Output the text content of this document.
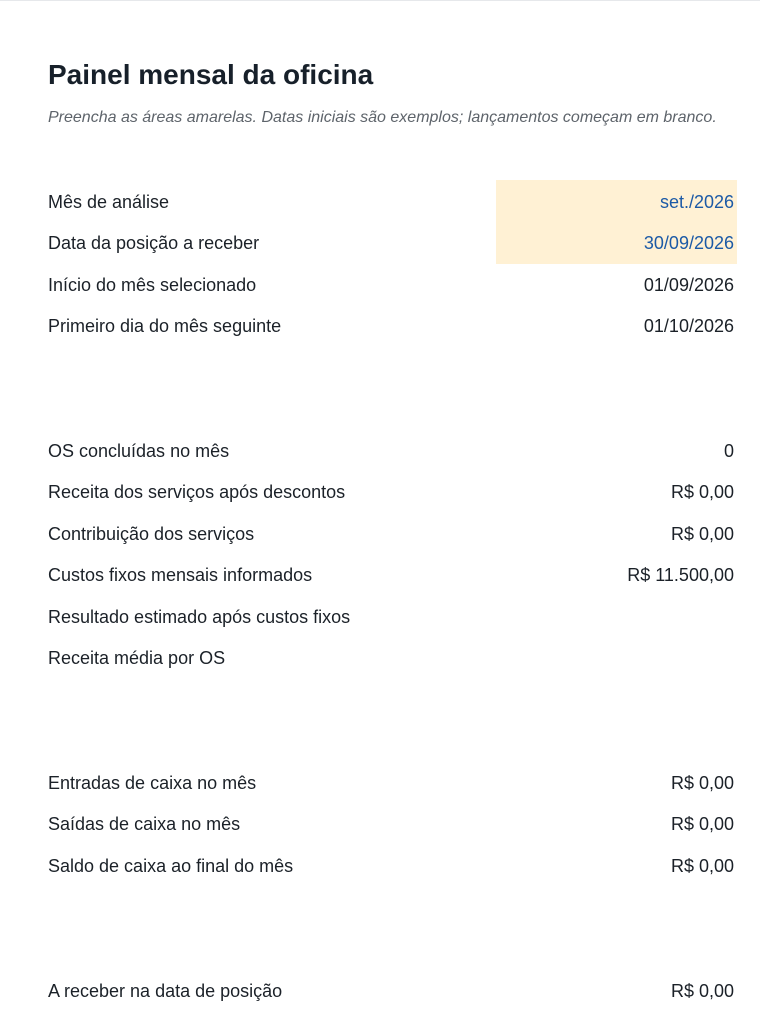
Painel mensal da oficina
Preencha as áreas amarelas. Datas iniciais são exemplos; lançamentos começam em branco.
Mês de análise	set./2026
Data da posição a receber	30/09/2026
Início do mês selecionado	01/09/2026
Primeiro dia do mês seguinte	01/10/2026
OS concluídas no mês	0
Receita dos serviços após descontos	R$ 0,00
Contribuição dos serviços	R$ 0,00
Custos fixos mensais informados	R$ 11.500,00
Resultado estimado após custos fixos
Receita média por OS
Entradas de caixa no mês	R$ 0,00
Saídas de caixa no mês	R$ 0,00
Saldo de caixa ao final do mês	R$ 0,00
A receber na data de posição	R$ 0,00
